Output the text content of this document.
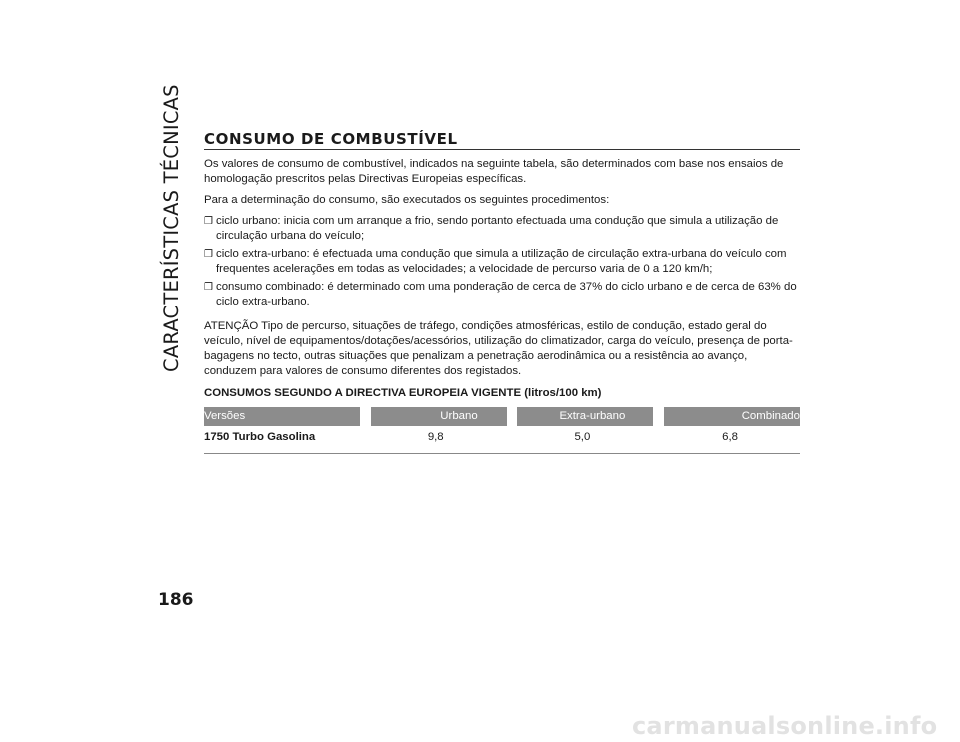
CARACTERÍSTICAS TÉCNICAS	CONSUMO DE COMBUSTÍVEL

Os valores de consumo de combustível, indicados na seguinte tabela, são determinados com base nos ensaios de homologação prescritos pelas Directivas Europeias específicas.

Para a determinação do consumo, são executados os seguintes procedimentos:

❒ ciclo urbano: inicia com um arranque a frio, sendo portanto efectuada uma condução que simula a utilização de circulação urbana do veículo;
❒ ciclo extra-urbano: é efectuada uma condução que simula a utilização de circulação extra-urbana do veículo com frequentes acelerações em todas as velocidades; a velocidade de percurso varia de 0 a 120 km/h;
❒ consumo combinado: é determinado com uma ponderação de cerca de 37% do ciclo urbano e de cerca de 63% do ciclo extra-urbano.

ATENÇÃO Tipo de percurso, situações de tráfego, condições atmosféricas, estilo de condução, estado geral do veículo, nível de equipamentos/dotações/acessórios, utilização do climatizador, carga do veículo, presença de porta-bagagens no tecto, outras situações que penalizam a penetração aerodinâmica ou a resistência ao avanço, conduzem para valores de consumo diferentes dos registados.

CONSUMOS SEGUNDO A DIRECTIVA EUROPEIA VIGENTE (litros/100 km)
Versões	Urbano	Extra-urbano	Combinado
1750 Turbo Gasolina	9,8	5,0	6,8
186
carmanualsonline.info
